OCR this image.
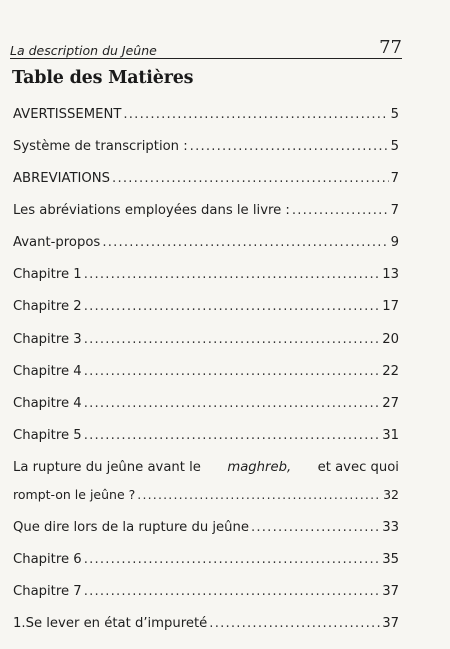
La description du Jeûne	77
Table des Matières
AVERTISSEMENT .....	5
Système de transcription : .....	5
ABREVIATIONS .....	7
Les abréviations employées dans le livre : .....	7
Avant-propos .....	9
Chapitre 1 .....	13
Chapitre 2 .....	17
Chapitre 3 .....	20
Chapitre 4 .....	22
Chapitre 4 .....	27
Chapitre 5 .....	31
La rupture du jeûne avant le maghreb, et avec quoi
rompt-on le jeûne ? .....	32
Que dire lors de la rupture du jeûne .....	33
Chapitre 6 .....	35
Chapitre 7 .....	37
1.Se lever en état d’impureté .....	37
